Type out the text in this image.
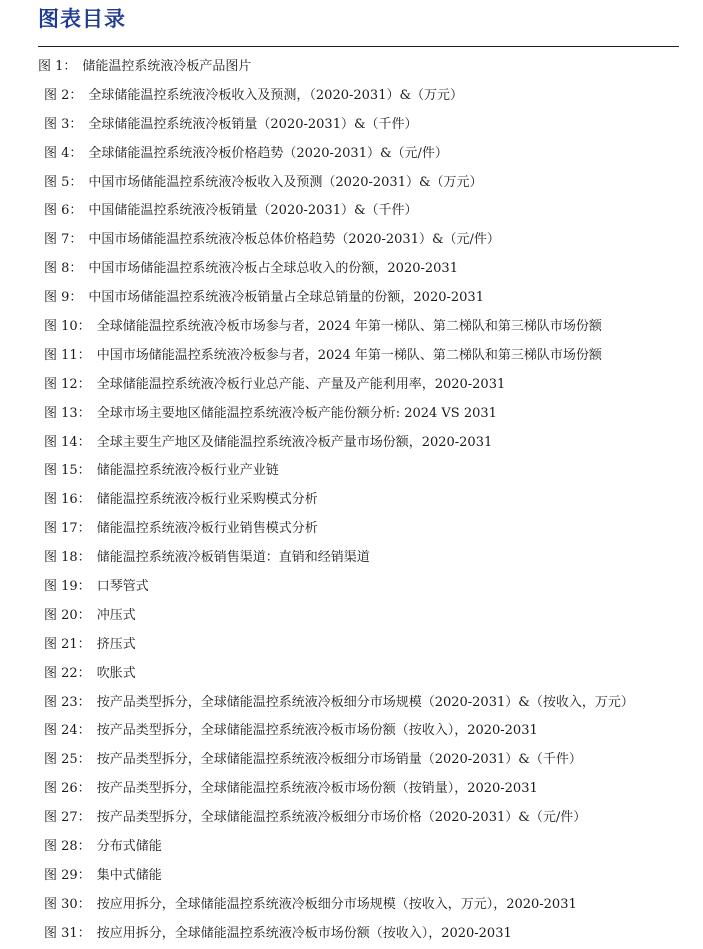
图表目录
图 1： 储能温控系统液冷板产品图片
图 2： 全球储能温控系统液冷板收入及预测，（2020-2031）&（万元）
图 3： 全球储能温控系统液冷板销量（2020-2031）&（千件）
图 4： 全球储能温控系统液冷板价格趋势（2020-2031）&（元/件）
图 5： 中国市场储能温控系统液冷板收入及预测（2020-2031）&（万元）
图 6： 中国储能温控系统液冷板销量（2020-2031）&（千件）
图 7： 中国市场储能温控系统液冷板总体价格趋势（2020-2031）&（元/件）
图 8： 中国市场储能温控系统液冷板占全球总收入的份额，2020-2031
图 9： 中国市场储能温控系统液冷板销量占全球总销量的份额，2020-2031
图 10： 全球储能温控系统液冷板市场参与者，2024 年第一梯队、第二梯队和第三梯队市场份额
图 11： 中国市场储能温控系统液冷板参与者，2024 年第一梯队、第二梯队和第三梯队市场份额
图 12： 全球储能温控系统液冷板行业总产能、产量及产能利用率，2020-2031
图 13： 全球市场主要地区储能温控系统液冷板产能份额分析: 2024 VS 2031
图 14： 全球主要生产地区及储能温控系统液冷板产量市场份额，2020-2031
图 15： 储能温控系统液冷板行业产业链
图 16： 储能温控系统液冷板行业采购模式分析
图 17： 储能温控系统液冷板行业销售模式分析
图 18： 储能温控系统液冷板销售渠道：直销和经销渠道
图 19： 口琴管式
图 20： 冲压式
图 21： 挤压式
图 22： 吹胀式
图 23： 按产品类型拆分，全球储能温控系统液冷板细分市场规模（2020-2031）&（按收入，万元）
图 24： 按产品类型拆分，全球储能温控系统液冷板市场份额（按收入），2020-2031
图 25： 按产品类型拆分，全球储能温控系统液冷板细分市场销量（2020-2031）&（千件）
图 26： 按产品类型拆分，全球储能温控系统液冷板市场份额（按销量），2020-2031
图 27： 按产品类型拆分，全球储能温控系统液冷板细分市场价格（2020-2031）&（元/件）
图 28： 分布式储能
图 29： 集中式储能
图 30： 按应用拆分，全球储能温控系统液冷板细分市场规模（按收入，万元），2020-2031
图 31： 按应用拆分，全球储能温控系统液冷板市场份额（按收入），2020-2031
